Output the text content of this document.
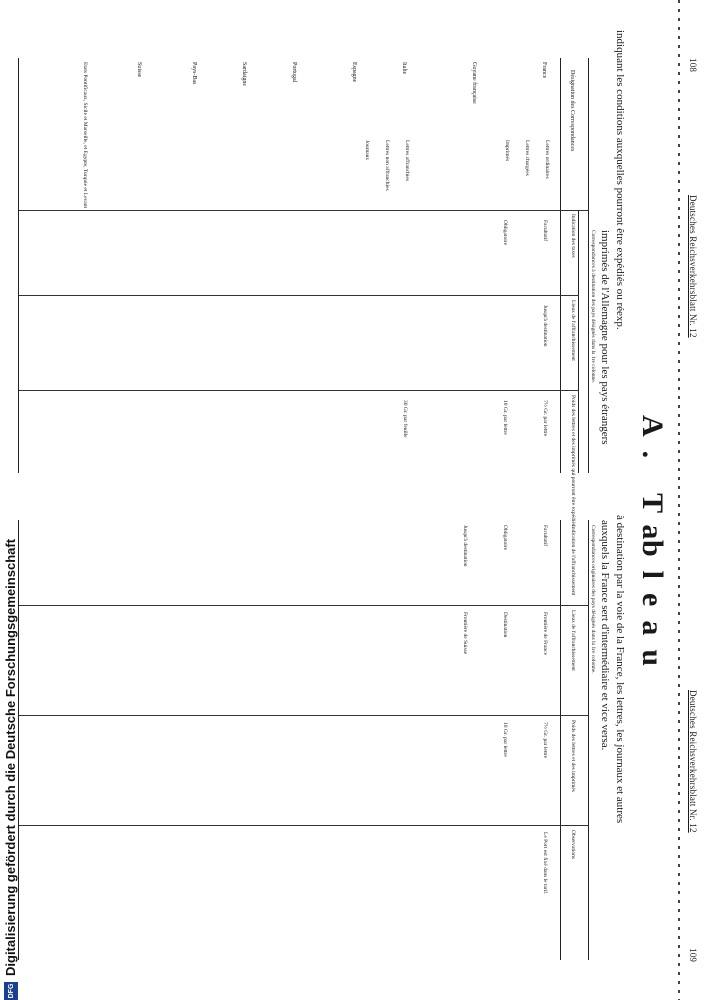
108
Deutsches Reichsverkehrsblatt Nr. 12
Deutsches Reichsverkehrsblatt Nr. 12
109
A. Ta
bleau
indiquant les conditions auxquelles pourront être expédiés ou réexp.
à destination par la voie de la France, les lettres, les journaux et autres
imprimés de l'Allemagne pour les pays étrangers
auxquels la France sert d'intermédiaire et vice versa.
Correspondances à destination des pays désignés dans la 1re colonne.
Désignation des Correspondances
Indication des taxes
Lieux de l'affranchissement
Poids des lettres et des imprimés qui pourront être expédiés
France
Guyane française
Italie
Espagne
Portugal
Sardaigne
Pays-Bas
Suisse
Etats Pontificaux, Sicile et Marseille, et Egypte, Turquie et Levant	Lettres ordinaires
Lettres chargées
Imprimés
Lettres affranchies
Lettres non affranchies
Journaux
Facultatif
Obligatoire
Jusqu'à destination
7½ Gr. par lettre
10 Gr. par lettre
30 Gr. par feuille
Correspondances originaires des pays désignés dans la 1re colonne.
Indication de l'affranchissement
Lieux de l'affranchissement
Poids des lettres et des imprimés
Observations
Facultatif
Obligatoire
Jusqu'à destination
Frontière de France
Destination
Frontière de Suisse
7½ Gr. par lettre
10 Gr. par lettre
Le Port est fixé dans le tarif.
DFG
Digitalisierung gefördert durch die Deutsche Forschungsgemeinschaft
